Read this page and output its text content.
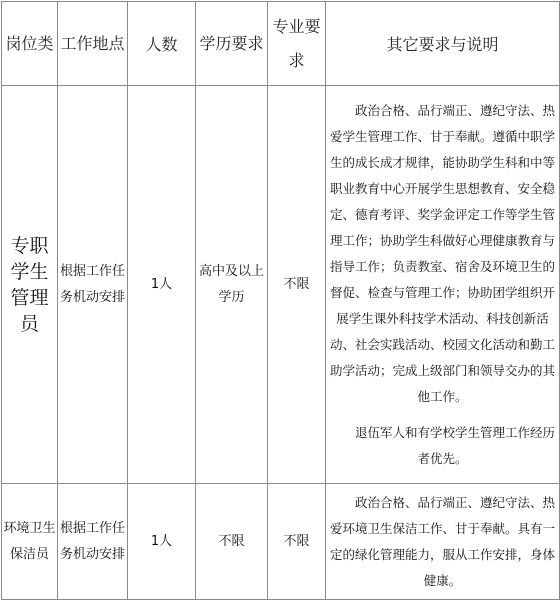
岗位类	工作地点	人数	学历要求	专业要求	其它要求与说明
专职学生管理员	根据工作任务机动安排	1人	高中及以上学历	不限	政治合格、品行端正、遵纪守法、热爱学生管理工作、甘于奉献。遵循中职学生的成长成才规律，能协助学生科和中等职业教育中心开展学生思想教育、安全稳定、德育考评、奖学金评定工作等学生管理工作；协助学生科做好心理健康教育与指导工作；负责教室、宿舍及环境卫生的督促、检查与管理工作；协助团学组织开展学生课外科技学术活动、科技创新活动、社会实践活动、校园文化活动和勤工助学活动；完成上级部门和领导交办的其他工作。

退伍军人和有学校学生管理工作经历者优先。

环境卫生保洁员	根据工作任务机动安排	1人	不限	不限	政治合格、品行端正、遵纪守法、热爱环境卫生保洁工作、甘于奉献。具有一定的绿化管理能力，服从工作安排，身体健康。
